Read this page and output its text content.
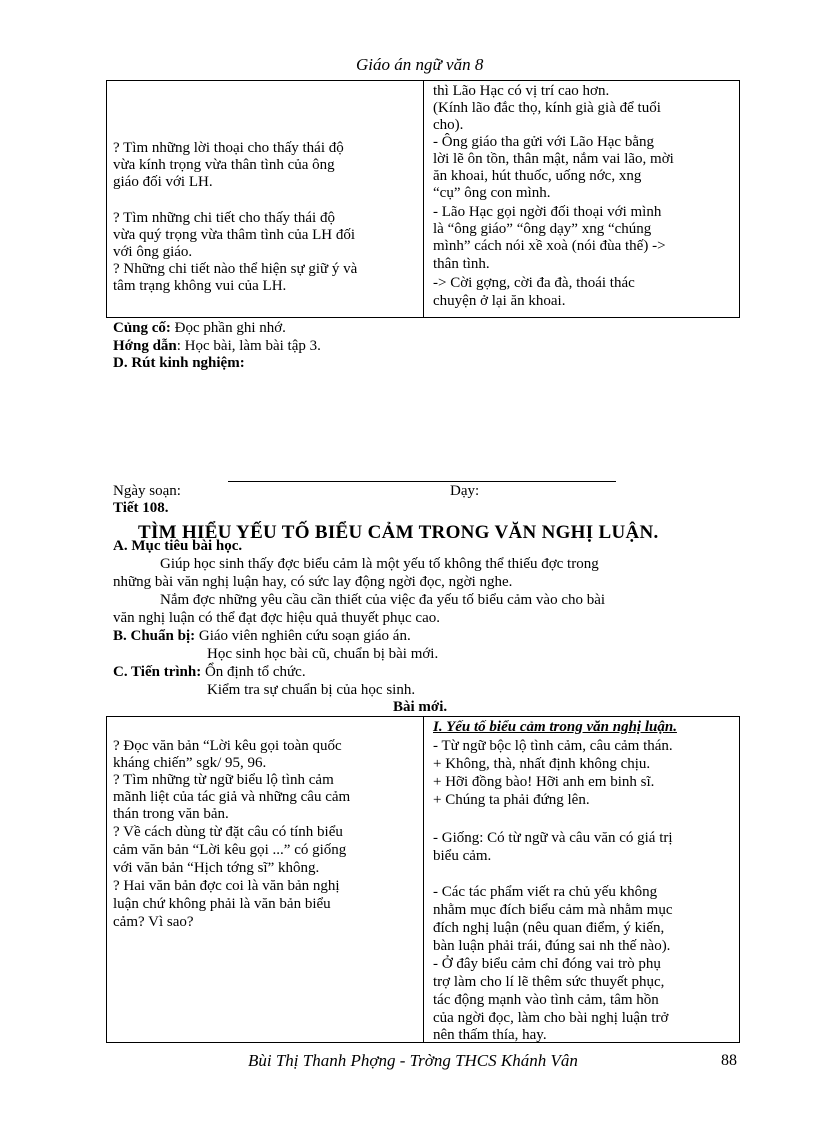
Giáo án ngữ văn 8
? Tìm những lời thoại cho thấy thái độ
vừa kính trọng vừa thân tình của ông
giáo đối với LH.
? Tìm những chi tiết cho thấy thái độ
vừa quý trọng vừa thâm tình của LH đối
với ông giáo.
? Những chi tiết nào thể hiện sự giữ ý và
tâm trạng không vui của LH.
thì Lão Hạc có vị trí cao hơn.
(Kính lão đắc thọ, kính già già để tuổi
cho).
- Ông giáo tha gửi với Lão Hạc bằng
lời lẽ ôn tồn, thân mật, nắm vai lão, mời
ăn khoai, hút thuốc, uống nớc, xng
“cụ” ông con mình.
- Lão Hạc gọi ngời đối thoại với mình
là “ông giáo” “ông dạy” xng “chúng
mình” cách nói xề xoà (nói đùa thế) ->
thân tình.
-> Cời gợng, cời đa đà, thoái thác
chuyện ở lại ăn khoai.
Củng cố: Đọc phần ghi nhớ.
Hớng dẫn: Học bài, làm bài tập 3.
D. Rút kinh nghiệm:
Ngày soạn:	Dạy:
Tiết 108.
TÌM HIỂU YẾU TỐ BIỂU CẢM TRONG VĂN NGHỊ LUẬN.
A. Mục tiêu bài học.
Giúp học sinh thấy đợc biểu cảm là một yếu tố không thể thiếu đợc trong
những bài văn nghị luận hay, có sức lay động ngời đọc, ngời nghe.
Nắm đợc những yêu cầu cần thiết của việc đa yếu tố biểu cảm vào cho bài
văn nghị luận có thể đạt đợc hiệu quả thuyết phục cao.
B. Chuẩn bị: Giáo viên nghiên cứu soạn giáo án.
Học sinh học bài cũ, chuẩn bị bài mới.
C. Tiến trình: Ổn định tổ chức.
Kiểm tra sự chuẩn bị của học sinh.
Bài mới.
I. Yếu tố biểu cảm trong văn nghị luận.
? Đọc văn bản “Lời kêu gọi toàn quốc
kháng chiến” sgk/ 95, 96.
? Tìm những từ ngữ biểu lộ tình cảm
mãnh liệt của tác giả và những câu cảm
thán trong văn bản.
? Về cách dùng từ đặt câu có tính biểu
cảm văn bản “Lời kêu gọi ...” có giống
với văn bản “Hịch tớng sĩ” không.
? Hai văn bản đợc coi là văn bản nghị
luận chứ không phải là văn bản biểu
cảm? Vì sao?
- Từ ngữ bộc lộ tình cảm, câu cảm thán.
+ Không, thà, nhất định không chịu.
+ Hỡi đồng bào! Hỡi anh em binh sĩ.
+ Chúng ta phải đứng lên.
- Giống: Có từ ngữ và câu văn có giá trị
biểu cảm.
- Các tác phẩm viết ra chủ yếu không
nhằm mục đích biểu cảm mà nhằm mục
đích nghị luận (nêu quan điểm, ý kiến,
bàn luận phải trái, đúng sai nh thế nào).
- Ở đây biểu cảm chỉ đóng vai trò phụ
trợ làm cho lí lẽ thêm sức thuyết phục,
tác động mạnh vào tình cảm, tâm hồn
của ngời đọc, làm cho bài nghị luận trở
nên thấm thía, hay.
Bùi Thị Thanh Phợng - Trờng THCS Khánh Vân	88
